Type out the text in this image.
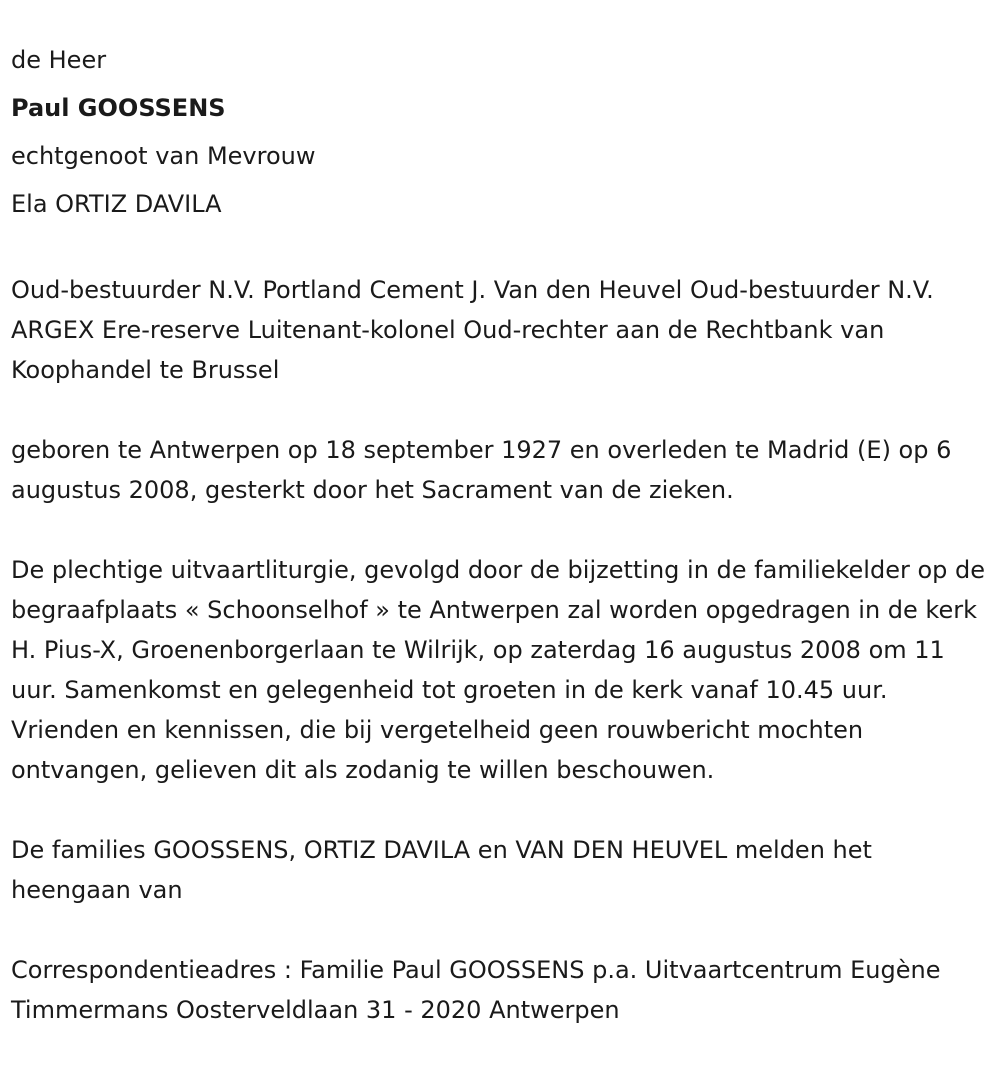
de Heer
Paul GOOSSENS
echtgenoot van Mevrouw
Ela ORTIZ DAVILA

Oud-bestuurder N.V. Portland Cement J. Van den Heuvel Oud-bestuurder N.V. ARGEX Ere-reserve Luitenant-kolonel Oud-rechter aan de Rechtbank van Koophandel te Brussel

geboren te Antwerpen op 18 september 1927 en overleden te Madrid (E) op 6 augustus 2008, gesterkt door het Sacrament van de zieken.

De plechtige uitvaartliturgie, gevolgd door de bijzetting in de familiekelder op de begraafplaats « Schoonselhof » te Antwerpen zal worden opgedragen in de kerk H. Pius-X, Groenenborgerlaan te Wilrijk, op zaterdag 16 augustus 2008 om 11 uur. Samenkomst en gelegenheid tot groeten in de kerk vanaf 10.45 uur. Vrienden en kennissen, die bij vergetelheid geen rouwbericht mochten ontvangen, gelieven dit als zodanig te willen beschouwen.

De families GOOSSENS, ORTIZ DAVILA en VAN DEN HEUVEL melden het heengaan van

Correspondentieadres : Familie Paul GOOSSENS p.a. Uitvaartcentrum Eugène Timmermans Oosterveldlaan 31 - 2020 Antwerpen
